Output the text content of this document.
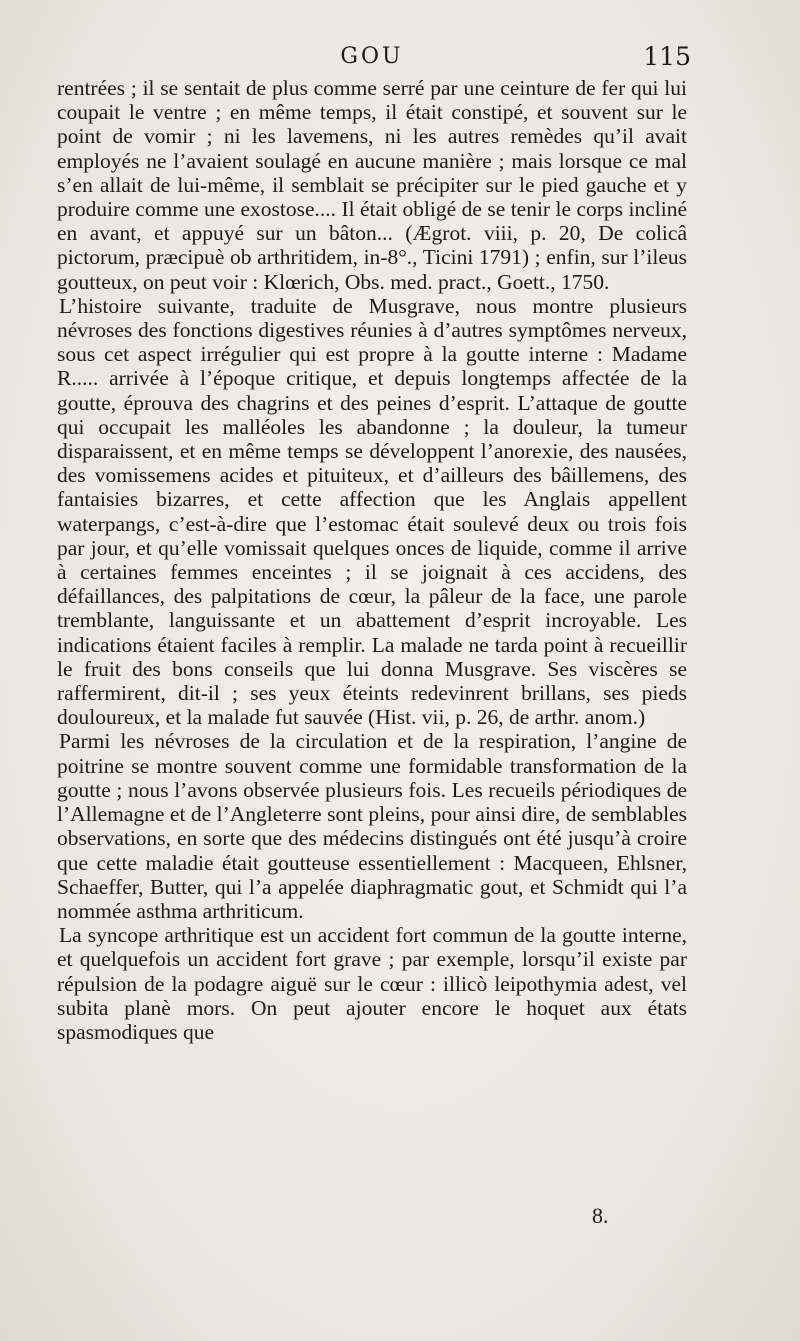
GOU	115

rentrées ; il se sentait de plus comme serré par une ceinture de fer qui lui coupait le ventre ; en même temps, il était constipé, et souvent sur le point de vomir ; ni les lavemens, ni les autres remèdes qu’il avait employés ne l’avaient soulagé en aucune manière ; mais lorsque ce mal s’en allait de lui-même, il semblait se précipiter sur le pied gauche et y produire comme une exostose.... Il était obligé de se tenir le corps incliné en avant, et appuyé sur un bâton... (Ægrot. viii, p. 20, De colicâ pictorum, præcipuè ob arthritidem, in-8°., Ticini 1791) ; enfin, sur l’ileus goutteux, on peut voir : Klœrich, Obs. med. pract., Goett., 1750.

L’histoire suivante, traduite de Musgrave, nous montre plusieurs névroses des fonctions digestives réunies à d’autres symptômes nerveux, sous cet aspect irrégulier qui est propre à la goutte interne : Madame R..... arrivée à l’époque critique, et depuis longtemps affectée de la goutte, éprouva des chagrins et des peines d’esprit. L’attaque de goutte qui occupait les malléoles les abandonne ; la douleur, la tumeur disparaissent, et en même temps se développent l’anorexie, des nausées, des vomissemens acides et pituiteux, et d’ailleurs des bâillemens, des fantaisies bizarres, et cette affection que les Anglais appellent waterpangs, c’est-à-dire que l’estomac était soulevé deux ou trois fois par jour, et qu’elle vomissait quelques onces de liquide, comme il arrive à certaines femmes enceintes ; il se joignait à ces accidens, des défaillances, des palpitations de cœur, la pâleur de la face, une parole tremblante, languissante et un abattement d’esprit incroyable. Les indications étaient faciles à remplir. La malade ne tarda point à recueillir le fruit des bons conseils que lui donna Musgrave. Ses viscères se raffermirent, dit-il ; ses yeux éteints redevinrent brillans, ses pieds douloureux, et la malade fut sauvée (Hist. vii, p. 26, de arthr. anom.)

Parmi les névroses de la circulation et de la respiration, l’angine de poitrine se montre souvent comme une formidable transformation de la goutte ; nous l’avons observée plusieurs fois. Les recueils périodiques de l’Allemagne et de l’Angleterre sont pleins, pour ainsi dire, de semblables observations, en sorte que des médecins distingués ont été jusqu’à croire que cette maladie était goutteuse essentiellement : Macqueen, Ehlsner, Schaeffer, Butter, qui l’a appelée diaphragmatic gout, et Schmidt qui l’a nommée asthma arthriticum.

La syncope arthritique est un accident fort commun de la goutte interne, et quelquefois un accident fort grave ; par exemple, lorsqu’il existe par répulsion de la podagre aiguë sur le cœur : illicò leipothymia adest, vel subita planè mors. On peut ajouter encore le hoquet aux états spasmodiques que

8.
